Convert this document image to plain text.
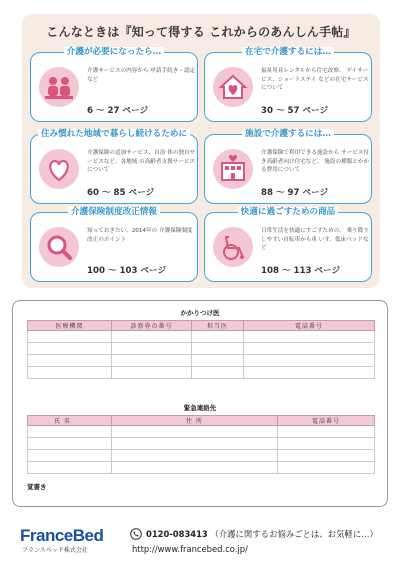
こんなときは『知って得する これからのあんしん手帖』
介護が必要になったら…
介護サービスの内容から 申請手続き・認定など
6 〜 27 ページ
在宅で介護するには…
福祉用具レンタルから住宅改修、 デイサービス、ショートステイ などの在宅サービスについて
30 〜 57 ページ
住み慣れた地域で暮らし続けるために
介護保険の追加サービス、自治 体の独自サービスなど、各地域 の高齢者支援サービスについて
60 〜 85 ページ
施設で介護するには…
介護保険で利用できる施設から サービス付き高齢者向け住宅など、 施設の種類とかかる費用について
88 〜 97 ページ
介護保険制度改正情報
知っておきたい、2014年の 介護保険制度改正のポイント
100 〜 103 ページ
快適に過ごすための商品
日常生活を快適にすごすための、 乗り降りしやすい自転車から車 いす、低床ベッドなど
108 〜 113 ページ
かかりつけ医
医療機関	診察券の番号	担当医	電話番号

緊急連絡先
氏 名	住 所	電話番号

覚書き
FranceBed
フランスベッド株式会社
0120-083413 （介護に関するお悩みごとは、お気軽に…）
http://www.francebed.co.jp/
